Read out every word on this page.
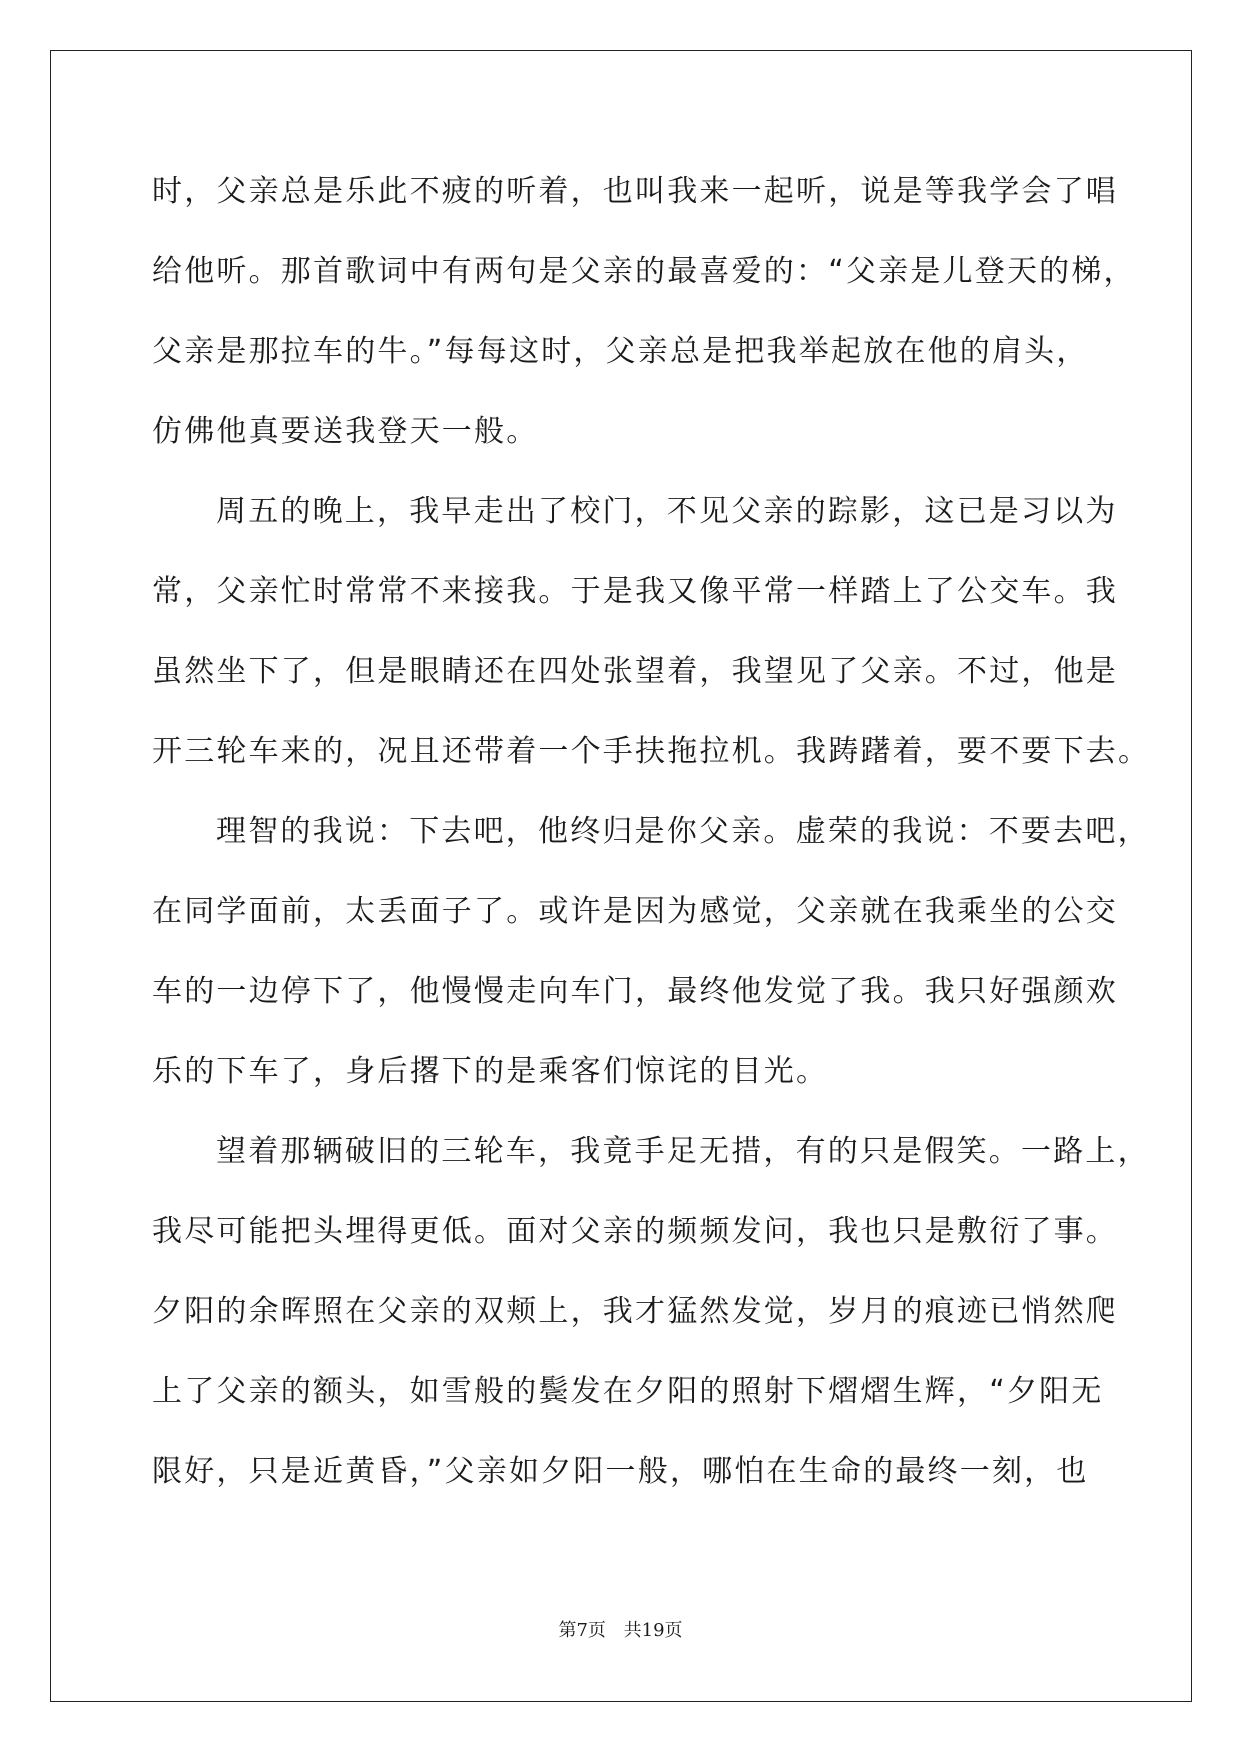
时，父亲总是乐此不疲的听着，也叫我来一起听，说是等我学会了唱
给他听。那首歌词中有两句是父亲的最喜爱的：“父亲是儿登天的梯，
父亲是那拉车的牛。”每每这时，父亲总是把我举起放在他的肩头，
仿佛他真要送我登天一般。
周五的晚上，我早走出了校门，不见父亲的踪影，这已是习以为
常，父亲忙时常常不来接我。于是我又像平常一样踏上了公交车。我
虽然坐下了，但是眼睛还在四处张望着，我望见了父亲。不过，他是
开三轮车来的，况且还带着一个手扶拖拉机。我踌躇着，要不要下去。
理智的我说：下去吧，他终归是你父亲。虚荣的我说：不要去吧，
在同学面前，太丢面子了。或许是因为感觉，父亲就在我乘坐的公交
车的一边停下了，他慢慢走向车门，最终他发觉了我。我只好强颜欢
乐的下车了，身后撂下的是乘客们惊诧的目光。
望着那辆破旧的三轮车，我竟手足无措，有的只是假笑。一路上，
我尽可能把头埋得更低。面对父亲的频频发问，我也只是敷衍了事。
夕阳的余晖照在父亲的双颊上，我才猛然发觉，岁月的痕迹已悄然爬
上了父亲的额头，如雪般的鬓发在夕阳的照射下熠熠生辉，“夕阳无
限好，只是近黄昏，”父亲如夕阳一般，哪怕在生命的最终一刻，也
第7页 共19页
